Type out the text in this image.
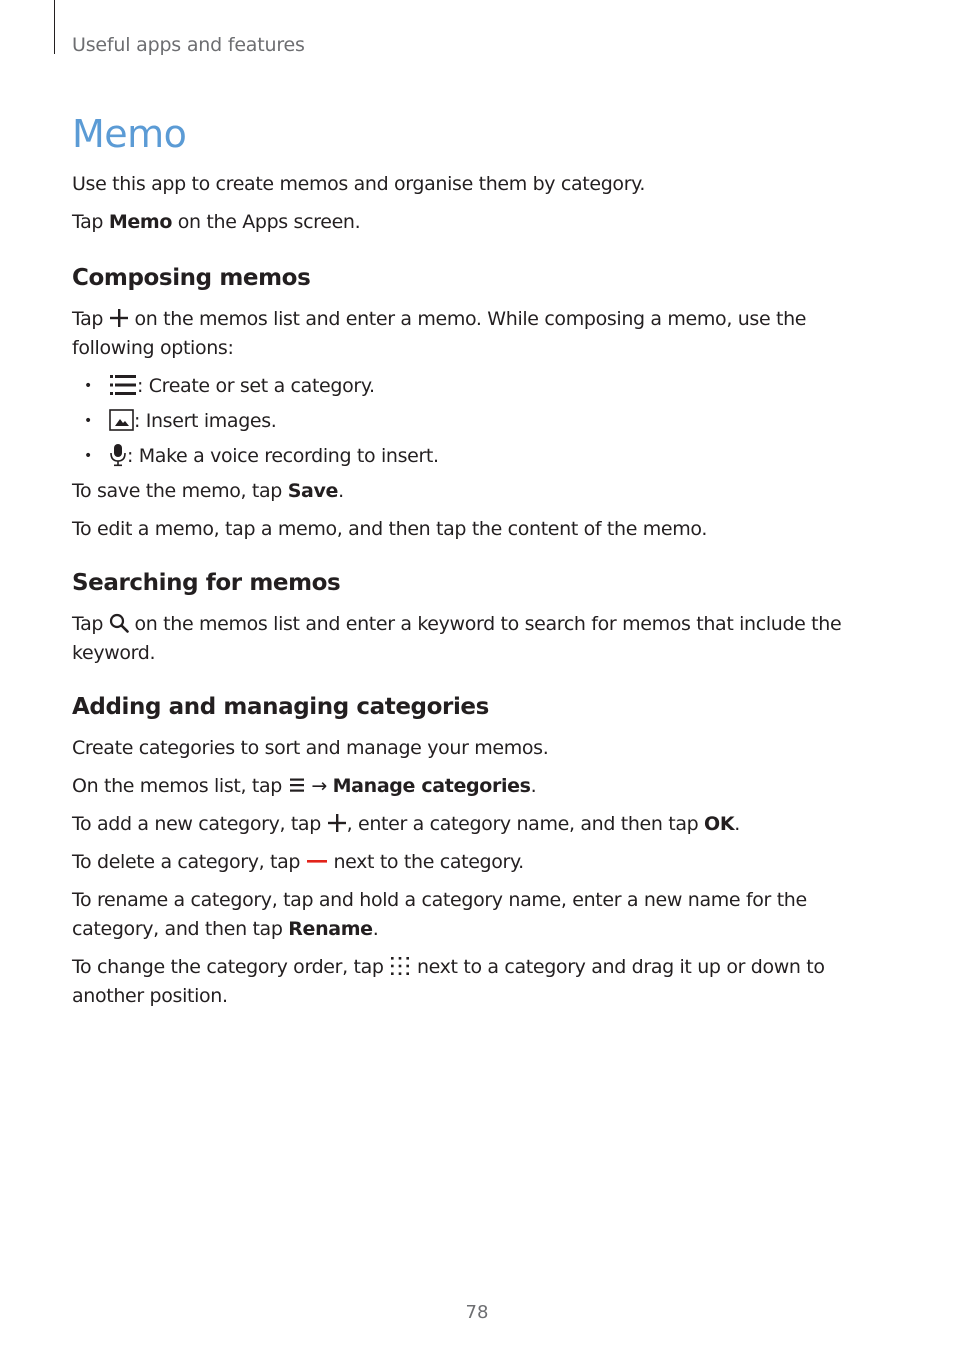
Useful apps and features
Memo

Use this app to create memos and organise them by category.

Tap Memo on the Apps screen.

Composing memos

Tap
on the memos list and enter a memo. While composing a memo, use the following options:

• : Create or set a category.
• : Insert images.
• : Make a voice recording to insert.

To save the memo, tap Save.

To edit a memo, tap a memo, and then tap the content of the memo.

Searching for memos

Tap
on the memos list and enter a keyword to search for memos that include the keyword.

Adding and managing categories

Create categories to sort and manage your memos.

On the memos list, tap
→ Manage categories.

To add a new category, tap
, enter a category name, and then tap OK.

To delete a category, tap
next to the category.

To rename a category, tap and hold a category name, enter a new name for the category, and then tap Rename.

To change the category order, tap
next to a category and drag it up or down to another position.

78
